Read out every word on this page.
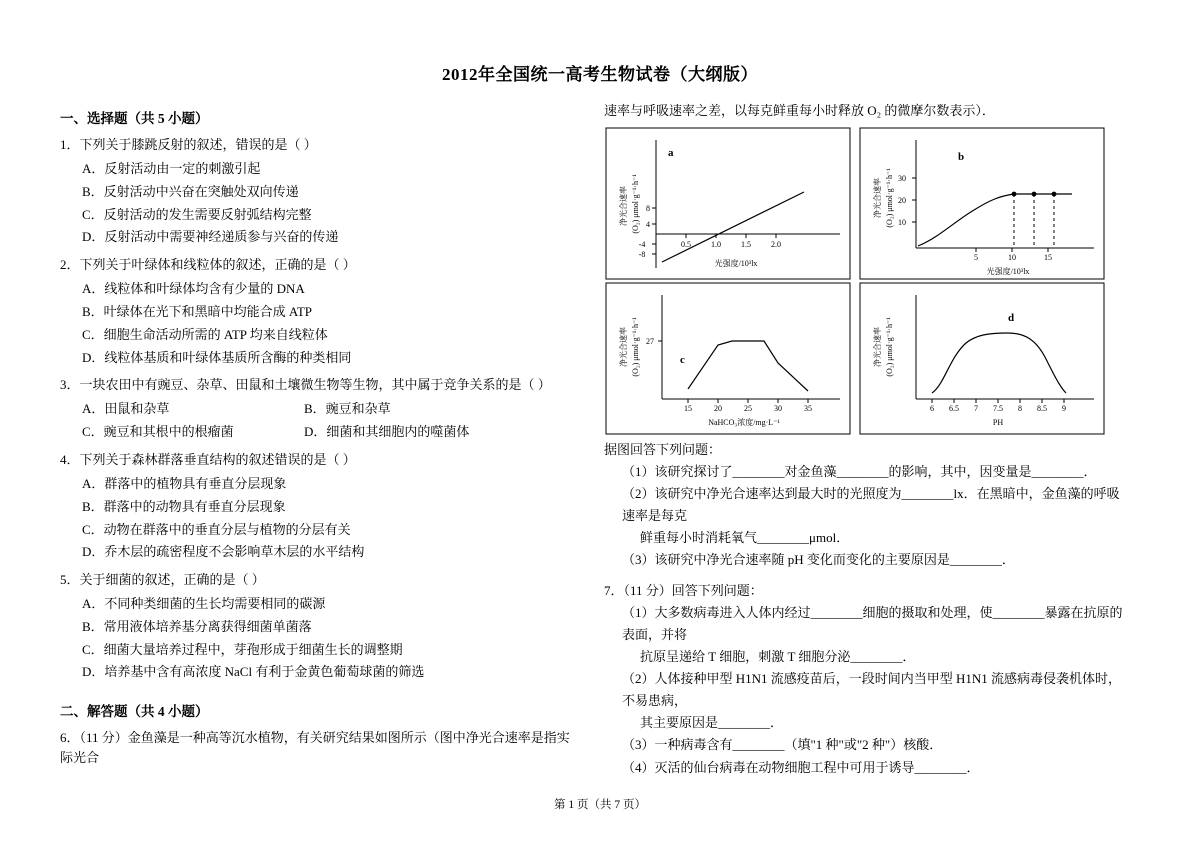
2012年全国统一高考生物试卷（大纲版）
一、选择题（共 5 小题）
1．下列关于膝跳反射的叙述，错误的是（ ）
A．反射活动由一定的刺激引起
B．反射活动中兴奋在突触处双向传递
C．反射活动的发生需要反射弧结构完整
D．反射活动中需要神经递质参与兴奋的传递
2．下列关于叶绿体和线粒体的叙述，正确的是（ ）
A．线粒体和叶绿体均含有少量的 DNA
B．叶绿体在光下和黑暗中均能合成 ATP
C．细胞生命活动所需的 ATP 均来自线粒体
D．线粒体基质和叶绿体基质所含酶的种类相同
3．一块农田中有豌豆、杂草、田鼠和土壤微生物等生物，其中属于竞争关系的是（ ）
A．田鼠和杂草	B．豌豆和杂草
C．豌豆和其根中的根瘤菌	D．细菌和其细胞内的噬菌体
4．下列关于森林群落垂直结构的叙述错误的是（ ）
A．群落中的植物具有垂直分层现象
B．群落中的动物具有垂直分层现象
C．动物在群落中的垂直分层与植物的分层有关
D．乔木层的疏密程度不会影响草木层的水平结构
5．关于细菌的叙述，正确的是（ ）
A．不同种类细菌的生长均需要相同的碳源
B．常用液体培养基分离获得细菌单菌落
C．细菌大量培养过程中，芽孢形成于细菌生长的调整期
D．培养基中含有高浓度 NaCl 有利于金黄色葡萄球菌的筛选
二、解答题（共 4 小题）
6．（11 分）金鱼藻是一种高等沉水植物，有关研究结果如图所示（图中净光合速率是指实际光合
速率与呼吸速率之差，以每克鲜重每小时释放 O₂ 的微摩尔数表示）．
-8
-4
4
8
0.5	1.0	1.5	2.0
a
净光合速率 (O₂) μmol·g⁻¹·h⁻¹
光强度/10³lx
10
20
30
5	10	15
b
净光合速率 (O₂) μmol·g⁻¹·h⁻¹
光强度/10³lx
27
15	20	25	30	35
c
净光合速率 (O₂) μmol·g⁻¹·h⁻¹
NaHCO₃浓度/mg·L⁻¹
6 6.5 7 7.5 8 8.5 9
d
净光合速率 (O₂) μmol·g⁻¹·h⁻¹
PH
据图回答下列问题：
（1）该研究探讨了________对金鱼藻________的影响，其中，因变量是________．
（2）该研究中净光合速率达到最大时的光照度为________lx．在黑暗中，金鱼藻的呼吸速率是每克
鲜重每小时消耗氧气________μmol．
（3）该研究中净光合速率随 pH 变化而变化的主要原因是________．
7．（11 分）回答下列问题：
（1）大多数病毒进入人体内经过________细胞的摄取和处理，使________暴露在抗原的表面，并将
抗原呈递给 T 细胞，刺激 T 细胞分泌________．
（2）人体接种甲型 H1N1 流感疫苗后，一段时间内当甲型 H1N1 流感病毒侵袭机体时，不易患病，
其主要原因是________．
（3）一种病毒含有________（填"1 种"或"2 种"）核酸．
（4）灭活的仙台病毒在动物细胞工程中可用于诱导________．
第 1 页（共 7 页）
